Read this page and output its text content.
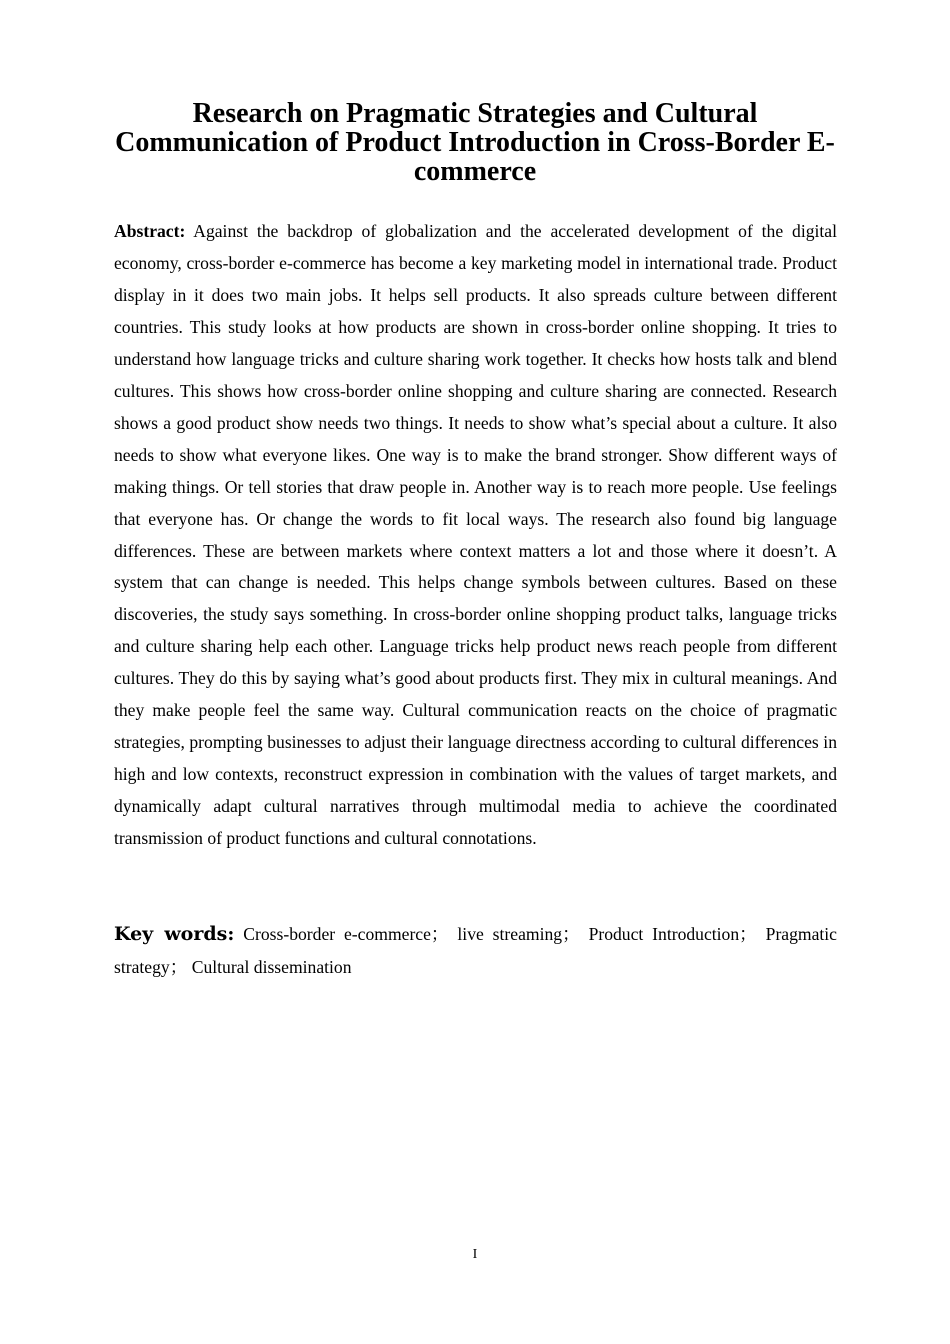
Research on Pragmatic Strategies and Cultural Communication of Product Introduction in Cross-Border E-commerce

Abstract: Against the backdrop of globalization and the accelerated development of the digital economy, cross-border e-commerce has become a key marketing model in international trade. Product display in it does two main jobs. It helps sell products. It also spreads culture between different countries. This study looks at how products are shown in cross-border online shopping. It tries to understand how language tricks and culture sharing work together. It checks how hosts talk and blend cultures. This shows how cross-border online shopping and culture sharing are connected. Research shows a good product show needs two things. It needs to show what’s special about a culture. It also needs to show what everyone likes. One way is to make the brand stronger. Show different ways of making things. Or tell stories that draw people in. Another way is to reach more people. Use feelings that everyone has. Or change the words to fit local ways. The research also found big language differences. These are between markets where context matters a lot and those where it doesn’t. A system that can change is needed. This helps change symbols between cultures. Based on these discoveries, the study says something. In cross-border online shopping product talks, language tricks and culture sharing help each other. Language tricks help product news reach people from different cultures. They do this by saying what’s good about products first. They mix in cultural meanings. And they make people feel the same way. Cultural communication reacts on the choice of pragmatic strategies, prompting businesses to adjust their language directness according to cultural differences in high and low contexts, reconstruct expression in combination with the values of target markets, and dynamically adapt cultural narratives through multimodal media to achieve the coordinated transmission of product functions and cultural connotations.

Key words: Cross-border e-commerce； live streaming； Product Introduction； Pragmatic strategy； Cultural dissemination

I
